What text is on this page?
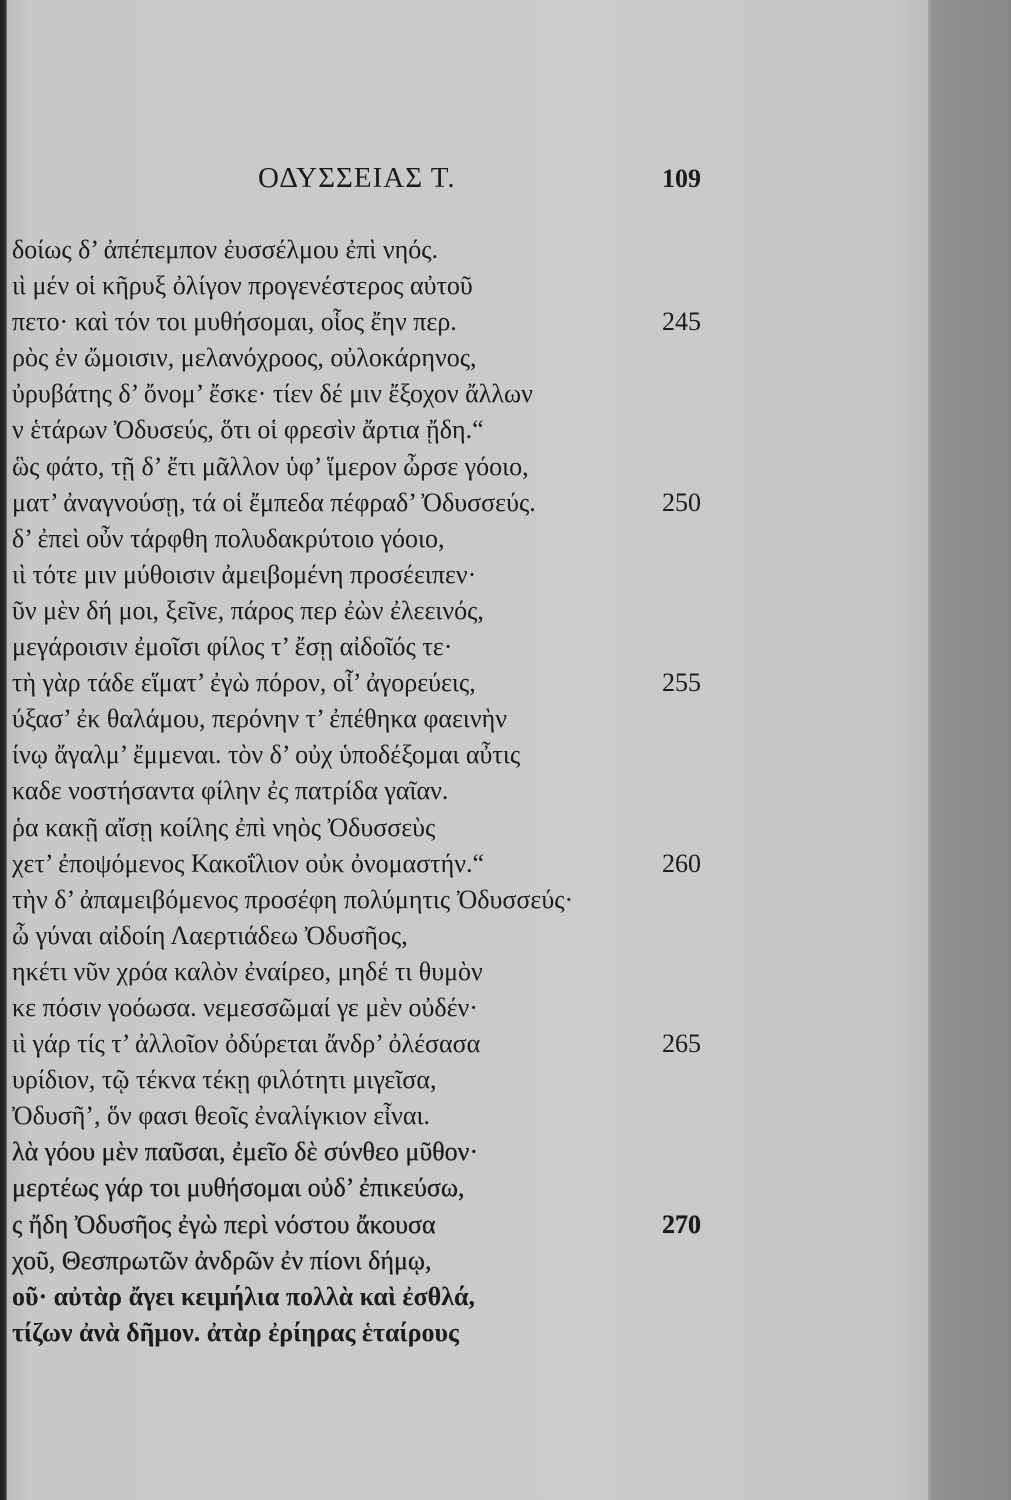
ΟΔΥΣΣΕΙΑΣ Τ.	109
δοίως δ’ ἀπέπεμπον ἐυσσέλμου ἐπὶ νηός.
ιὶ μέν οἱ κῆρυξ ὀλίγον προγενέστερος αὐτοῦ
πετο· καὶ τόν τοι μυθήσομαι, οἷος ἔην περ.	245
ρὸς ἐν ὤμοισιν, μελανόχροος, οὐλοκάρηνος,
ὐρυβάτης δ’ ὄνομ’ ἔσκε· τίεν δέ μιν ἔξοχον ἄλλων
ν ἑτάρων Ὀδυσεύς, ὅτι οἱ φρεσὶν ἄρτια ᾔδη.“
ὣς φάτο, τῇ δ’ ἔτι μᾶλλον ὑφ’ ἵμερον ὦρσε γόοιο,
ματ’ ἀναγνούσῃ, τά οἱ ἔμπεδα πέφραδ’ Ὀδυσσεύς.	250
δ’ ἐπεὶ οὖν τάρφθη πολυδακρύτοιο γόοιο,
ιὶ τότε μιν μύθοισιν ἀμειβομένη προσέειπεν·
ῦν μὲν δή μοι, ξεῖνε, πάρος περ ἐὼν ἐλεεινός,
μεγάροισιν ἐμοῖσι φίλος τ’ ἔσῃ αἰδοῖός τε·
τὴ γὰρ τάδε εἵματ’ ἐγὼ πόρον, οἷ’ ἀγορεύεις,	255
ύξασ’ ἐκ θαλάμου, περόνην τ’ ἐπέθηκα φαεινὴν
ίνῳ ἄγαλμ’ ἔμμεναι. τὸν δ’ οὐχ ὑποδέξομαι αὖτις
καδε νοστήσαντα φίλην ἐς πατρίδα γαῖαν.
ῥα κακῇ αἴσῃ κοίλης ἐπὶ νηὸς Ὀδυσσεὺς
χετ’ ἐποψόμενος Κακοΐλιον οὐκ ὀνομαστήν.“	260
τὴν δ’ ἀπαμειβόμενος προσέφη πολύμητις Ὀδυσσεύς·
ὦ γύναι αἰδοίη Λαερτιάδεω Ὀδυσῆος,
ηκέτι νῦν χρόα καλὸν ἐναίρεο, μηδέ τι θυμὸν
κε πόσιν γοόωσα. νεμεσσῶμαί γε μὲν οὐδέν·
ιὶ γάρ τίς τ’ ἀλλοῖον ὀδύρεται ἄνδρ’ ὀλέσασα	265
υρίδιον, τῷ τέκνα τέκῃ φιλότητι μιγεῖσα,
Ὀδυσῆ’, ὅν φασι θεοῖς ἐναλίγκιον εἶναι.
λὰ γόου μὲν παῦσαι, ἐμεῖο δὲ σύνθεο μῦθον·
μερτέως γάρ τοι μυθήσομαι οὐδ’ ἐπικεύσω,
ς ἤδη Ὀδυσῆος ἐγὼ περὶ νόστου ἄκουσα	270
χοῦ, Θεσπρωτῶν ἀνδρῶν ἐν πίονι δήμῳ,
οῦ· αὐτὰρ ἄγει κειμήλια πολλὰ καὶ ἐσθλά,
τίζων ἀνὰ δῆμον. ἀτὰρ ἐρίηρας ἑταίρους
